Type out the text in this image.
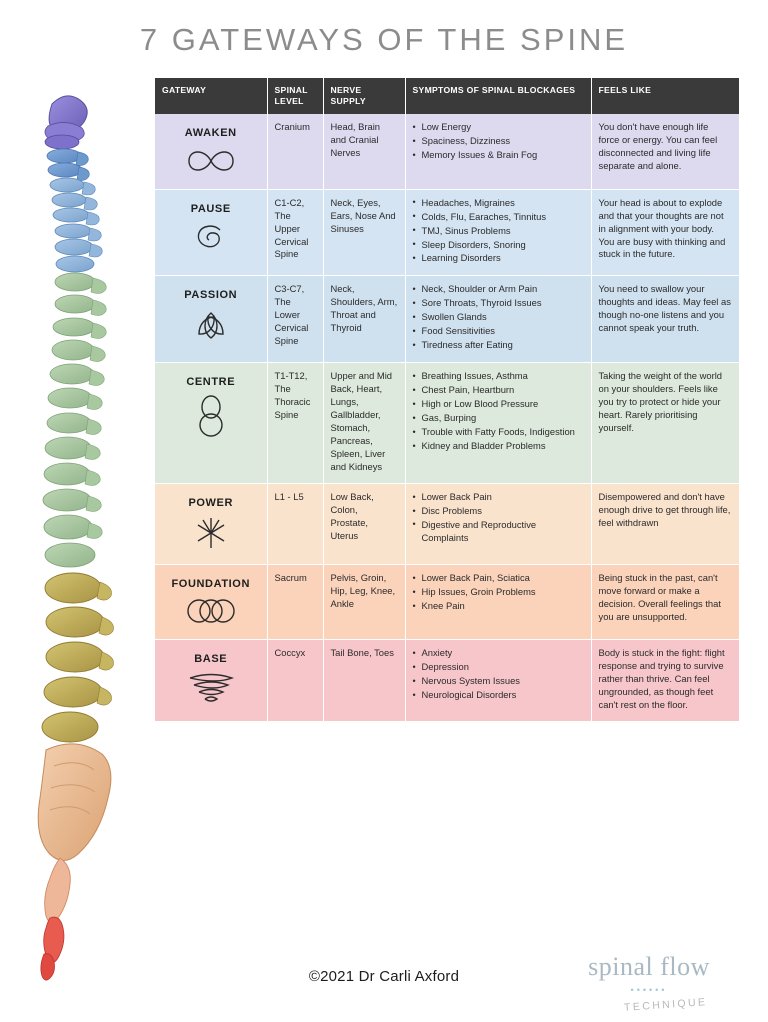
7 GATEWAYS OF THE SPINE
GATEWAY	SPINAL LEVEL	NERVE SUPPLY	SYMPTOMS OF SPINAL BLOCKAGES	FEELS LIKE

AWAKEN
	Cranium	Head, Brain and Cranial Nerves	
• Low Energy
• Spaciness, Dizziness
• Memory Issues & Brain Fog
	You don't have enough life force or energy. You can feel disconnected and living life separate and alone.

PAUSE
	C1-C2, The Upper Cervical Spine	Neck, Eyes, Ears, Nose And Sinuses	
• Headaches, Migraines
• Colds, Flu, Earaches, Tinnitus
• TMJ, Sinus Problems
• Sleep Disorders, Snoring
• Learning Disorders
	Your head is about to explode and that your thoughts are not in alignment with your body. You are busy with thinking and stuck in the future.

PASSION
	C3-C7, The Lower Cervical Spine	Neck, Shoulders, Arm, Throat and Thyroid	
• Neck, Shoulder or Arm Pain
• Sore Throats, Thyroid Issues
• Swollen Glands
• Food Sensitivities
• Tiredness after Eating
	You need to swallow your thoughts and ideas. May feel as though no-one listens and you cannot speak your truth.

CENTRE
	T1-T12, The Thoracic Spine	Upper and Mid Back, Heart, Lungs, Gallbladder, Stomach, Pancreas, Spleen, Liver and Kidneys	
• Breathing Issues, Asthma
• Chest Pain, Heartburn
• High or Low Blood Pressure
• Gas, Burping
• Trouble with Fatty Foods, Indigestion
• Kidney and Bladder Problems
	Taking the weight of the world on your shoulders. Feels like you try to protect or hide your heart. Rarely prioritising yourself.

POWER
	L1 - L5	Low Back, Colon, Prostate, Uterus	
• Lower Back Pain
• Disc Problems
• Digestive and Reproductive Complaints
	Disempowered and don't have enough drive to get through life, feel withdrawn

FOUNDATION
	Sacrum	Pelvis, Groin, Hip, Leg, Knee, Ankle	
• Lower Back Pain, Sciatica
• Hip Issues, Groin Problems
• Knee Pain
	Being stuck in the past, can't move forward or make a decision. Overall feelings that you are unsupported.

BASE
	Coccyx	Tail Bone, Toes	
•Anxiety
• Depression
• Nervous System Issues
• Neurological Disorders
	Body is stuck in the fight: flight response and trying to survive rather than thrive. Can feel ungrounded, as though feet can't rest on the floor.
©2021 Dr Carli Axford	spinal flow
••••••
TECHNIQUE
